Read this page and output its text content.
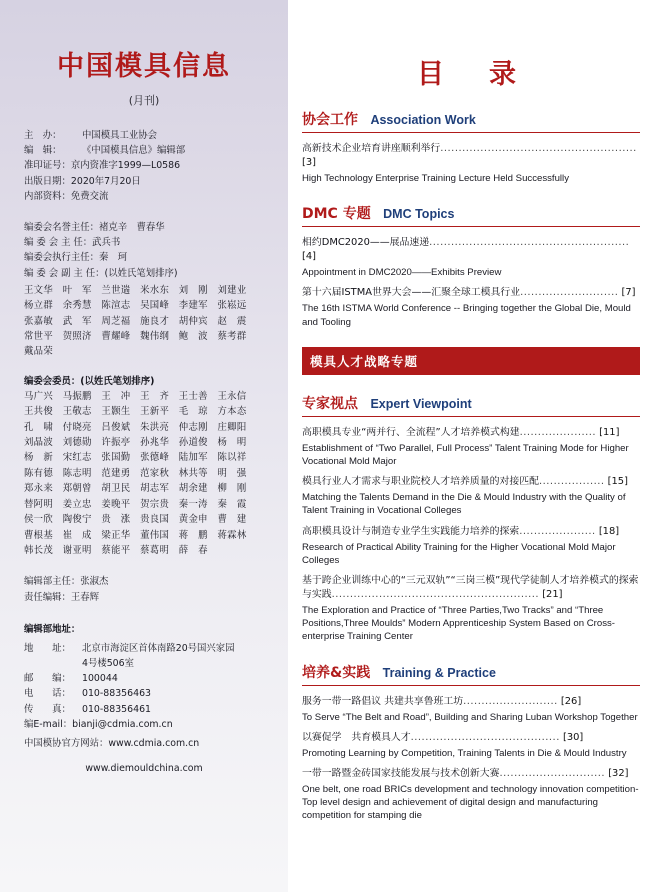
中国模具信息
(月刊)
主　办： 中国模具工业协会
编　辑： 《中国模具信息》编辑部
准印证号：京内资准字1999—L0586
出版日期：2020年7月20日
内部资料：免费交流
编委会名誉主任：褚克辛　曹春华
编 委 会 主 任：武兵书
编委会执行主任：秦　珂
编 委 会 副 主 任：(以姓氏笔划排序)
王文华　叶　军　兰世遄　米水东　刘　刚　刘建业
杨立群　余秀慧　陈渲志　吴国峰　李建军　张崧远
张嘉敏　武　军　周芝福　施良才　胡仲宾　赵　震
常世平　贺照济　曹耀峰　魏伟纲　鲍　波　蔡考群
戴品荣
编委会委员：(以姓氏笔划排序)
马广兴　马振鹏　王　冲　王　齐　王士善　王永信
王共俊　王敬志　王颢生　王新平　毛　琼　方本态
孔　啸　付晓亮　吕俊斌　朱洪亮　仲志刚　庄卿阳
刘晶波　刘德勋　许振亭　孙兆华　孙道俊　杨　明
杨　新　宋红志　张国勤　张德峰　陆加军　陈以祥
陈有德　陈志明　范建勇　范家秋　林共等　明　强
郑永来　郑朝曾　胡卫民　胡志军　胡余建　柳　刚
替阿明　姜立忠　姜晚平　贺宗贵　秦一涛　秦　霞
侯一欣　陶俊宁　贵　涨　贵良国　黄金申　曹　建
曹根基　崔　成　梁正华　董伟国　蒋　鹏　蒋霖林
韩长茂　谢亚明　蔡能平　蔡葛明　薛　春
编辑部主任：张淑杰
责任编辑：王春辉
编辑部地址：
地　　址： 北京市海淀区首体南路20号国兴家园
4号楼506室
邮　　编： 100044
电　　话： 010-88356463
传　　真： 010-88356461
编E-mail：bianji@cdmia.com.cn
中国模协官方网站：www.cdmia.com.cn
www.diemouldchina.com
目　录
协会工作 Association Work
高新技术企业培育讲座顺利举行...................................................... [3]
High Technology Enterprise Training Lecture Held Successfully
DMC 专题 DMC Topics
相约DMC2020——展品速递....................................................... [4]
Appointment in DMC2020——Exhibits Preview
第十六届ISTMA世界大会——汇聚全球工模具行业........................... [7]
The 16th ISTMA World Conference -- Bringing together the Global Die, Mould and Tooling
模具人才战略专题
专家视点 Expert Viewpoint
高职模具专业“两并行、全流程”人才培养模式构建..................... [11]
Establishment of “Two Parallel, Full Process” Talent Training Mode for Higher Vocational Mold Major
模具行业人才需求与职业院校人才培养质量的对接匹配.................. [15]
Matching the Talents Demand in the Die & Mould Industry with the Quality of Talent Training in Vocational Colleges
高职模具设计与制造专业学生实践能力培养的探索..................... [18]
Research of Practical Ability Training for the Higher Vocational Mold Major Colleges
基于跨企业训练中心的“三元双轨”“三岗三模”现代学徒制人才培养模式的探索与实践......................................................... [21]
The Exploration and Practice of “Three Parties,Two Tracks” and “Three Positions,Three Moulds” Modern Apprenticeship System Based on Cross-enterprise Training Center
培养&实践 Training & Practice
服务一带一路倡议 共建共享鲁班工坊.......................... [26]
To Serve “The Belt and Road”, Building and Sharing Luban Workshop Together
以赛促学　共育模具人才......................................... [30]
Promoting Learning by Competition, Training Talents in Die & Mould Industry
一带一路暨金砖国家技能发展与技术创新大赛............................. [32]
One belt, one road BRICs development and technology innovation competition-Top level design and achievement of digital design and manufacturing competition for stamping die
